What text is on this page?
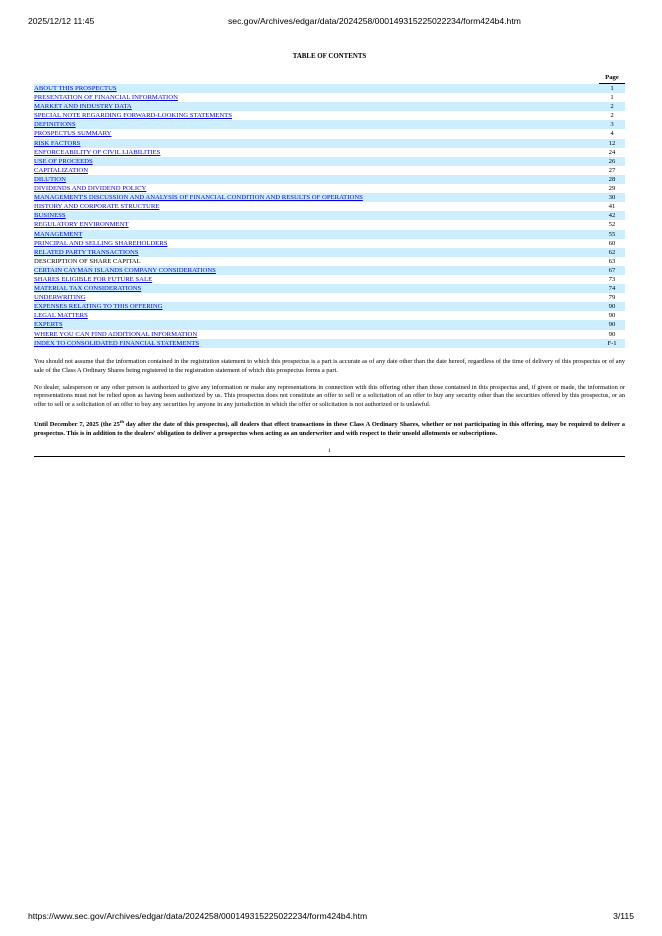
2025/12/12 11:45	sec.gov/Archives/edgar/data/2024258/000149315225022234/form424b4.htm
TABLE OF CONTENTS
	Page
ABOUT THIS PROSPECTUS	1
PRESENTATION OF FINANCIAL INFORMATION	1
MARKET AND INDUSTRY DATA	2
SPECIAL NOTE REGARDING FORWARD-LOOKING STATEMENTS	2
DEFINITIONS	3
PROSPECTUS SUMMARY	4
RISK FACTORS	12
ENFORCEABILITY OF CIVIL LIABILITIES	24
USE OF PROCEEDS	26
CAPITALIZATION	27
DILUTION	28
DIVIDENDS AND DIVIDEND POLICY	29
MANAGEMENT'S DISCUSSION AND ANALYSIS OF FINANCIAL CONDITION AND RESULTS OF OPERATIONS	30
HISTORY AND CORPORATE STRUCTURE	41
BUSINESS	42
REGULATORY ENVIRONMENT	52
MANAGEMENT	55
PRINCIPAL AND SELLING SHAREHOLDERS	60
RELATED PARTY TRANSACTIONS	62
DESCRIPTION OF SHARE CAPITAL	63
CERTAIN CAYMAN ISLANDS COMPANY CONSIDERATIONS	67
SHARES ELIGIBLE FOR FUTURE SALE	73
MATERIAL TAX CONSIDERATIONS	74
UNDERWRITING	79
EXPENSES RELATING TO THIS OFFERING	90
LEGAL MATTERS	90
EXPERTS	90
WHERE YOU CAN FIND ADDITIONAL INFORMATION	90
INDEX TO CONSOLIDATED FINANCIAL STATEMENTS	F-1

You should not assume that the information contained in the registration statement to which this prospectus is a part is accurate as of any date other than the date hereof, regardless of the time of delivery of this prospectus or of any sale of the Class A Ordinary Shares being registered in the registration statement of which this prospectus forms a part.

No dealer, salesperson or any other person is authorized to give any information or make any representations in connection with this offering other than those contained in this prospectus and, if given or made, the information or representations must not be relied upon as having been authorized by us. This prospectus does not constitute an offer to sell or a solicitation of an offer to buy any security other than the securities offered by this prospectus, or an offer to sell or a solicitation of an offer to buy any securities by anyone in any jurisdiction in which the offer or solicitation is not authorized or is unlawful.

Until December 7, 2025 (the 25th day after the date of this prospectus), all dealers that effect transactions in these Class A Ordinary Shares, whether or not participating in this offering, may be required to deliver a prospectus. This is in addition to the dealers' obligation to deliver a prospectus when acting as an underwriter and with respect to their unsold allotments or subscriptions.

i
https://www.sec.gov/Archives/edgar/data/2024258/000149315225022234/form424b4.htm	3/115
